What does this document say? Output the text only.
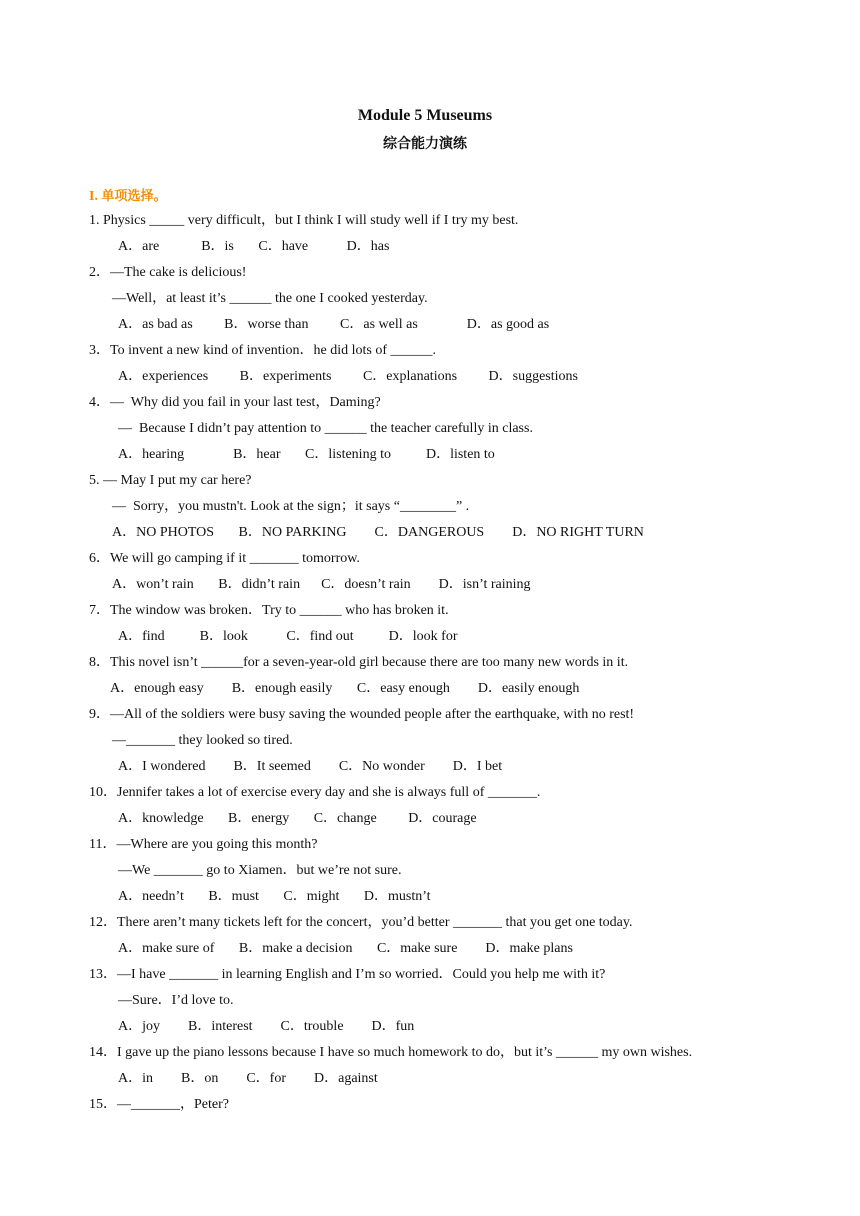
Module 5 Museums
综合能力演练
I. 单项选择。
1. Physics _____ very difficult，but I think I will study well if I try my best.
A．are            B．is       C．have           D．has
2．—The cake is delicious!
—Well，at least it’s ______ the one I cooked yesterday.
A．as bad as         B．worse than         C．as well as              D．as good as
3．To invent a new kind of invention．he did lots of ______.
A．experiences         B．experiments         C．explanations         D．suggestions
4．—  Why did you fail in your last test，Daming?
—  Because I didn’t pay attention to ______ the teacher carefully in class.
A．hearing              B．hear       C．listening to          D．listen to
5. — May I put my car here?
—  Sorry，you mustn't. Look at the sign；it says “________” .
A．NO PHOTOS       B．NO PARKING        C．DANGEROUS        D．NO RIGHT TURN
6．We will go camping if it _______ tomorrow.
A．won’t rain       B．didn’t rain      C．doesn’t rain        D．isn’t raining
7．The window was broken．Try to ______ who has broken it.
A．find          B．look           C．find out          D．look for
8．This novel isn’t ______for a seven-year-old girl because there are too many new words in it.
A．enough easy        B．enough easily       C．easy enough        D．easily enough
9．—All of the soldiers were busy saving the wounded people after the earthquake, with no rest!
—_______ they looked so tired.
A．I wondered        B．It seemed        C．No wonder        D．I bet
10．Jennifer takes a lot of exercise every day and she is always full of _______.
A．knowledge       B．energy       C．change         D．courage
11．—Where are you going this month?
—We _______ go to Xiamen．but we’re not sure.
A．needn’t       B．must       C．might       D．mustn’t
12．There aren’t many tickets left for the concert，you’d better _______ that you get one today.
A．make sure of       B．make a decision       C．make sure        D．make plans
13．—I have _______ in learning English and I’m so worried．Could you help me with it?
—Sure．I’d love to.
A．joy        B．interest        C．trouble        D．fun
14．I gave up the piano lessons because I have so much homework to do，but it’s ______ my own wishes.
A．in        B．on        C．for        D．against
15．—_______，Peter?
